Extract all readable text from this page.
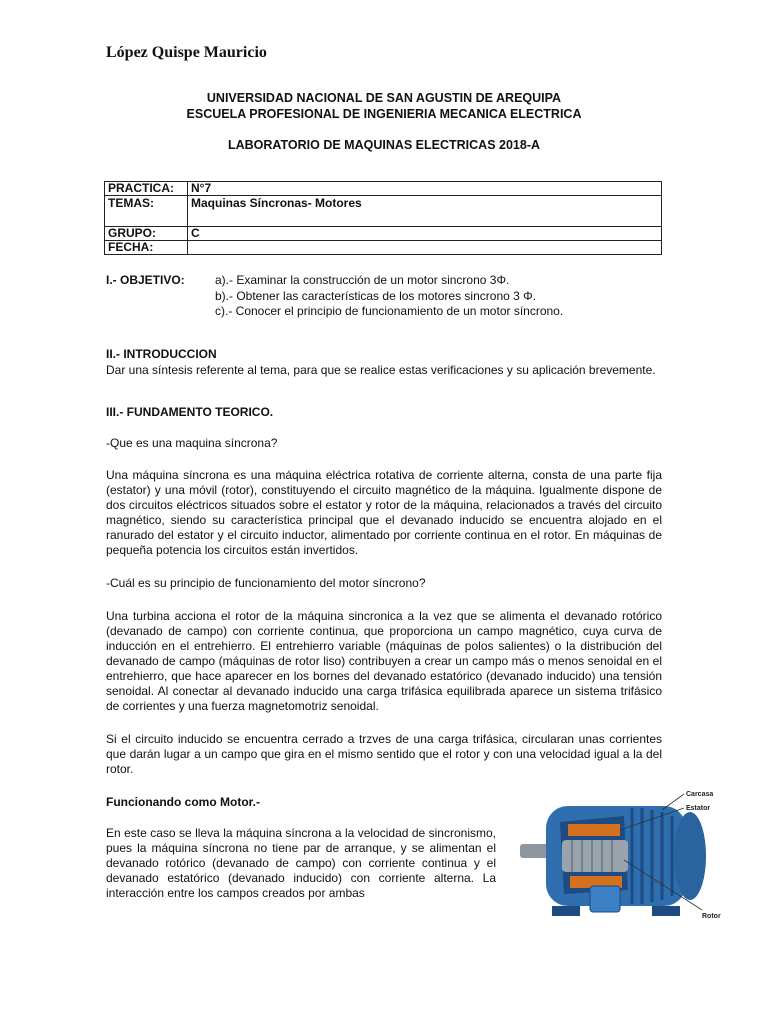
López Quispe Mauricio
UNIVERSIDAD NACIONAL DE SAN AGUSTIN DE AREQUIPA
ESCUELA PROFESIONAL DE INGENIERIA MECANICA ELECTRICA
LABORATORIO DE MAQUINAS ELECTRICAS 2018-A
PRACTICA:	N°7
TEMAS:	Maquinas Síncronas- Motores
GRUPO:	C
FECHA:	
I.- OBJETIVO:	a).- Examinar la construcción de un motor sincrono 3Φ.
b).- Obtener las características de los motores sincrono 3 Φ.
c).- Conocer el principio de funcionamiento de un motor síncrono.
II.- INTRODUCCION
Dar una síntesis referente al tema, para que se realice estas verificaciones y su aplicación brevemente.
III.- FUNDAMENTO TEORICO.
-Que es una maquina síncrona?
Una máquina síncrona es una máquina eléctrica rotativa de corriente alterna, consta de una parte fija (estator) y una móvil (rotor), constituyendo el circuito magnético de la máquina. Igualmente dispone de dos circuitos eléctricos situados sobre el estator y rotor de la máquina, relacionados a través del circuito magnético, siendo su característica principal que el devanado inducido se encuentra alojado en el ranurado del estator y el circuito inductor, alimentado por corriente continua en el rotor. En máquinas de pequeña potencia los circuitos están invertidos.
-Cuál es su principio de funcionamiento del motor síncrono?
Una turbina acciona el rotor de la máquina sincronica a la vez que se alimenta el devanado rotórico (devanado de campo) con corriente continua, que proporciona un campo magnético, cuya curva de inducción en el entrehierro. El entrehierro variable (máquinas de polos salientes) o la distribución del devanado de campo (máquinas de rotor liso) contribuyen a crear un campo más o menos senoidal en el entrehierro, que hace aparecer en los bornes del devanado estatórico (devanado inducido) una tensión senoidal. Al conectar al devanado inducido una carga trifásica equilibrada aparece un sistema trifásico de corrientes y una fuerza magnetomotriz senoidal.
Si el circuito inducido se encuentra cerrado a trzves de una carga trifásica, circularan unas corrientes que darán lugar a un campo que gira en el mismo sentido que el rotor y con una velocidad igual a la del rotor.
Funcionando como Motor.-
En este caso se lleva la máquina síncrona a la velocidad de sincronismo, pues la máquina síncrona no tiene par de arranque, y se alimentan el devanado rotórico (devanado de campo) con corriente continua y el devanado estatórico (devanado inducido) con corriente alterna. La interacción entre los campos creados por ambas
Carcasa
Estator
Rotor
